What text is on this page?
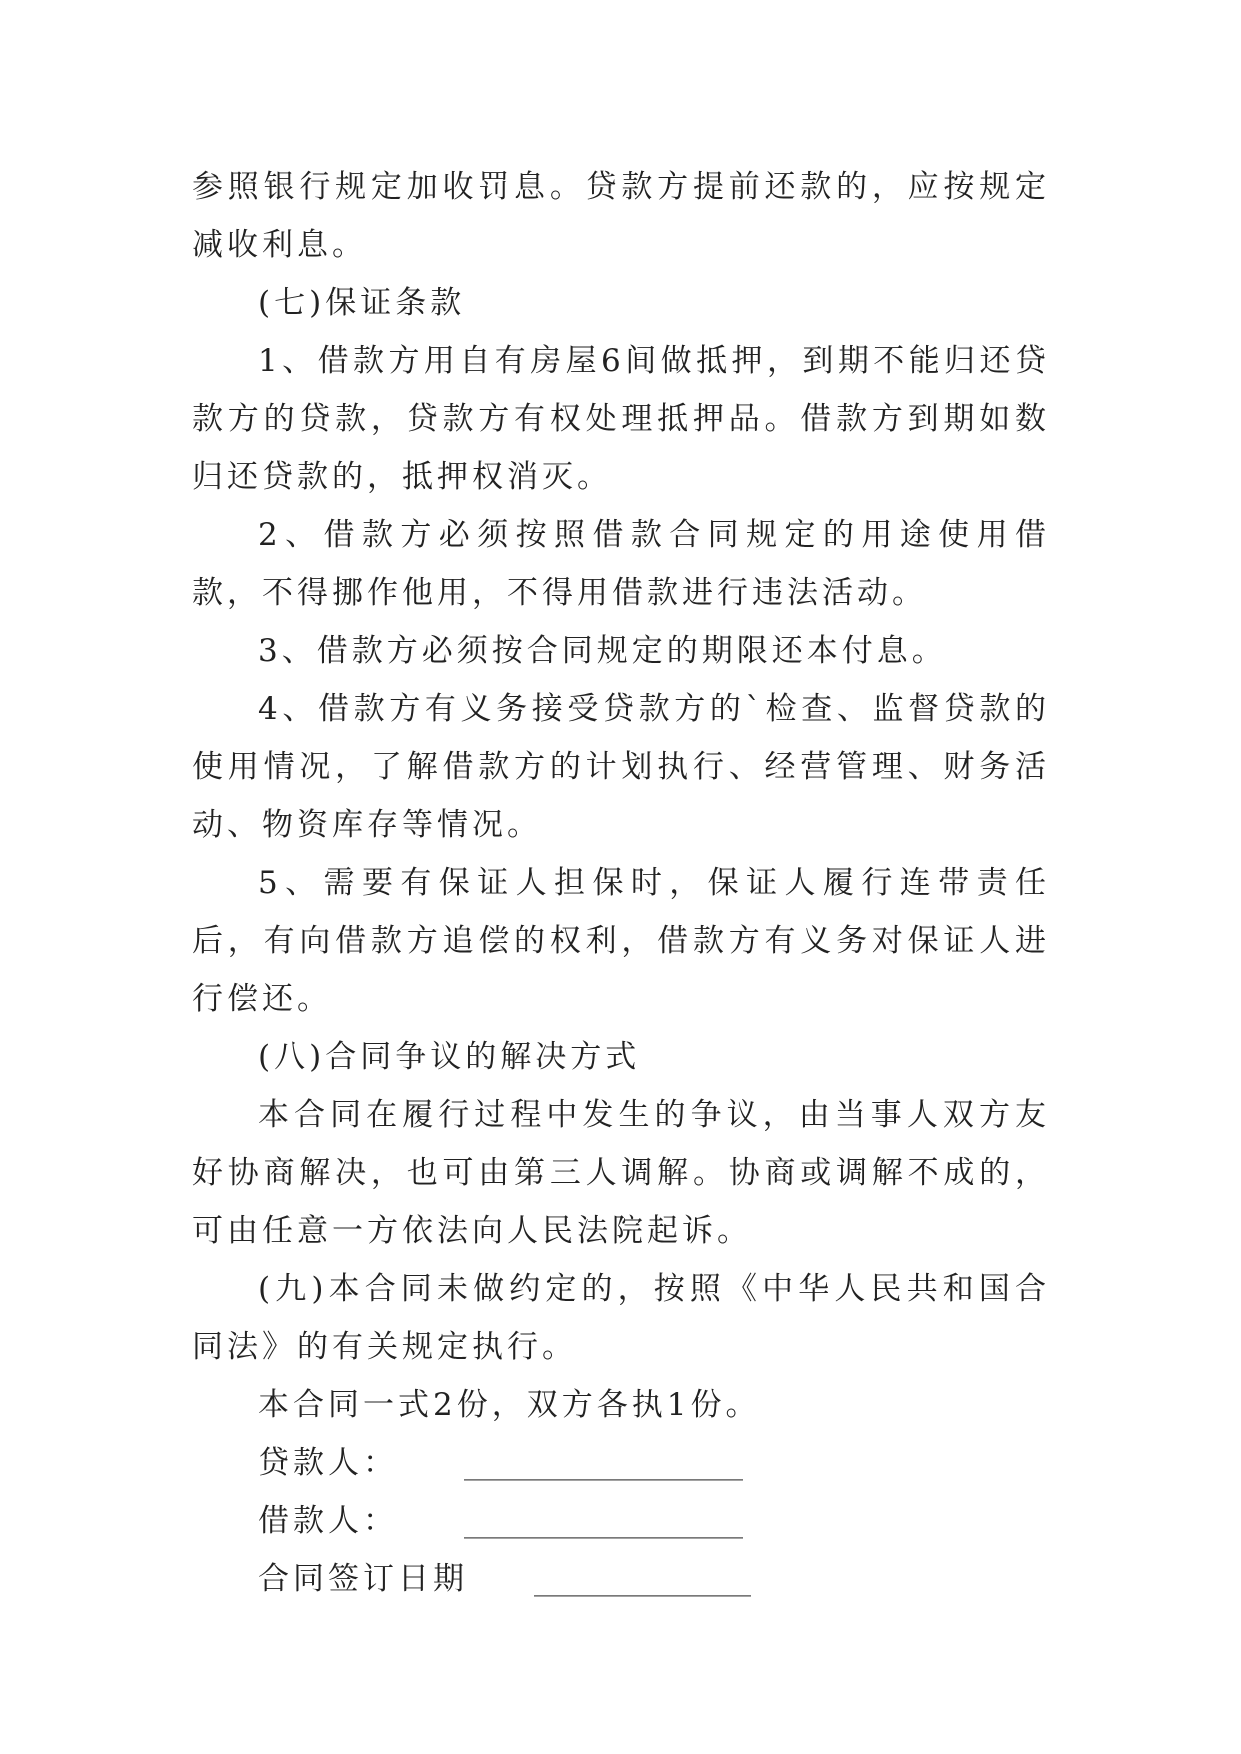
参照银行规定加收罚息。贷款方提前还款的，应按规定减收利息。

(七)保证条款

1、借款方用自有房屋6间做抵押，到期不能归还贷款方的贷款，贷款方有权处理抵押品。借款方到期如数归还贷款的，抵押权消灭。

2、借款方必须按照借款合同规定的用途使用借款，不得挪作他用，不得用借款进行违法活动。

3、借款方必须按合同规定的期限还本付息。

4、借款方有义务接受贷款方的`检查、监督贷款的使用情况，了解借款方的计划执行、经营管理、财务活动、物资库存等情况。

5、需要有保证人担保时，保证人履行连带责任后，有向借款方追偿的权利，借款方有义务对保证人进行偿还。

(八)合同争议的解决方式

本合同在履行过程中发生的争议，由当事人双方友好协商解决，也可由第三人调解。协商或调解不成的，可由任意一方依法向人民法院起诉。

(九)本合同未做约定的，按照《中华人民共和国合同法》的有关规定执行。

本合同一式2份，双方各执1份。

贷款人： __________________
借款人： __________________
合同签订日期 ______________
